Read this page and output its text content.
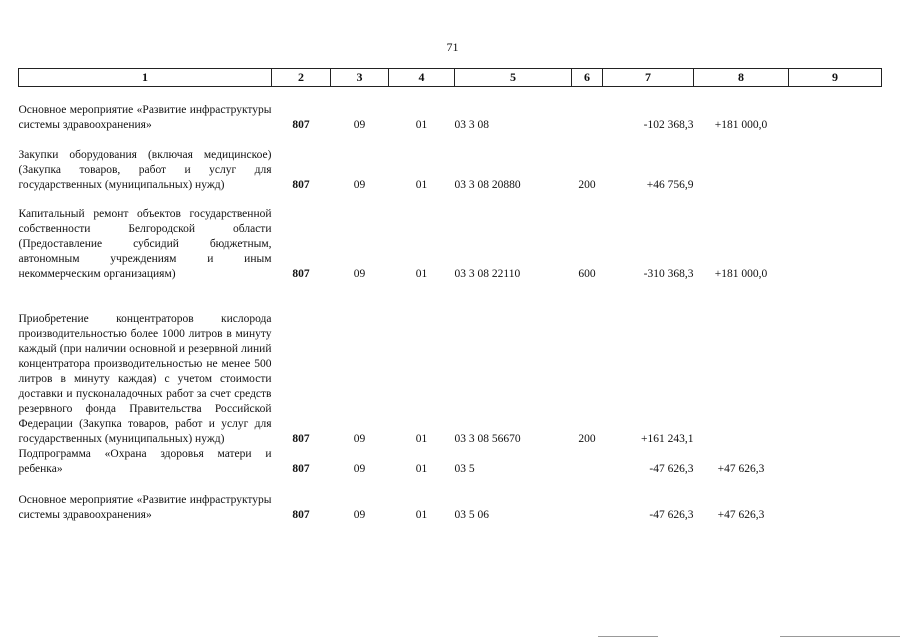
71
1	2	3	4	5	6	7	8	9
Основное мероприятие «Развитие инфраструктуры системы здравоохранения»	807	09	01	03 3 08		-102 368,3	+181 000,0	
Закупки оборудования (включая медицинское) (Закупка товаров, работ и услуг для государственных (муниципальных) нужд)	807	09	01	03 3 08 20880	200	+46 756,9		
Капитальный ремонт объектов государственной собственности Белгородской области (Предоставление субсидий бюджетным, автономным учреждениям и иным некоммерческим организациям)	807	09	01	03 3 08 22110	600	-310 368,3	+181 000,0	
Приобретение концентраторов кислорода производительностью более 1000 литров в минуту каждый (при наличии основной и резервной линий концентратора производительностью не менее 500 литров в минуту каждая) с учетом стоимости доставки и пусконаладочных работ за счет средств резервного фонда Правительства Российской Федерации (Закупка товаров, работ и услуг для государственных (муниципальных) нужд)	807	09	01	03 3 08 56670	200	+161 243,1		
Подпрограмма «Охрана здоровья матери и ребенка»	807	09	01	03 5		-47 626,3	+47 626,3	
Основное мероприятие «Развитие инфраструктуры системы здравоохранения»	807	09	01	03 5 06		-47 626,3	+47 626,3	
